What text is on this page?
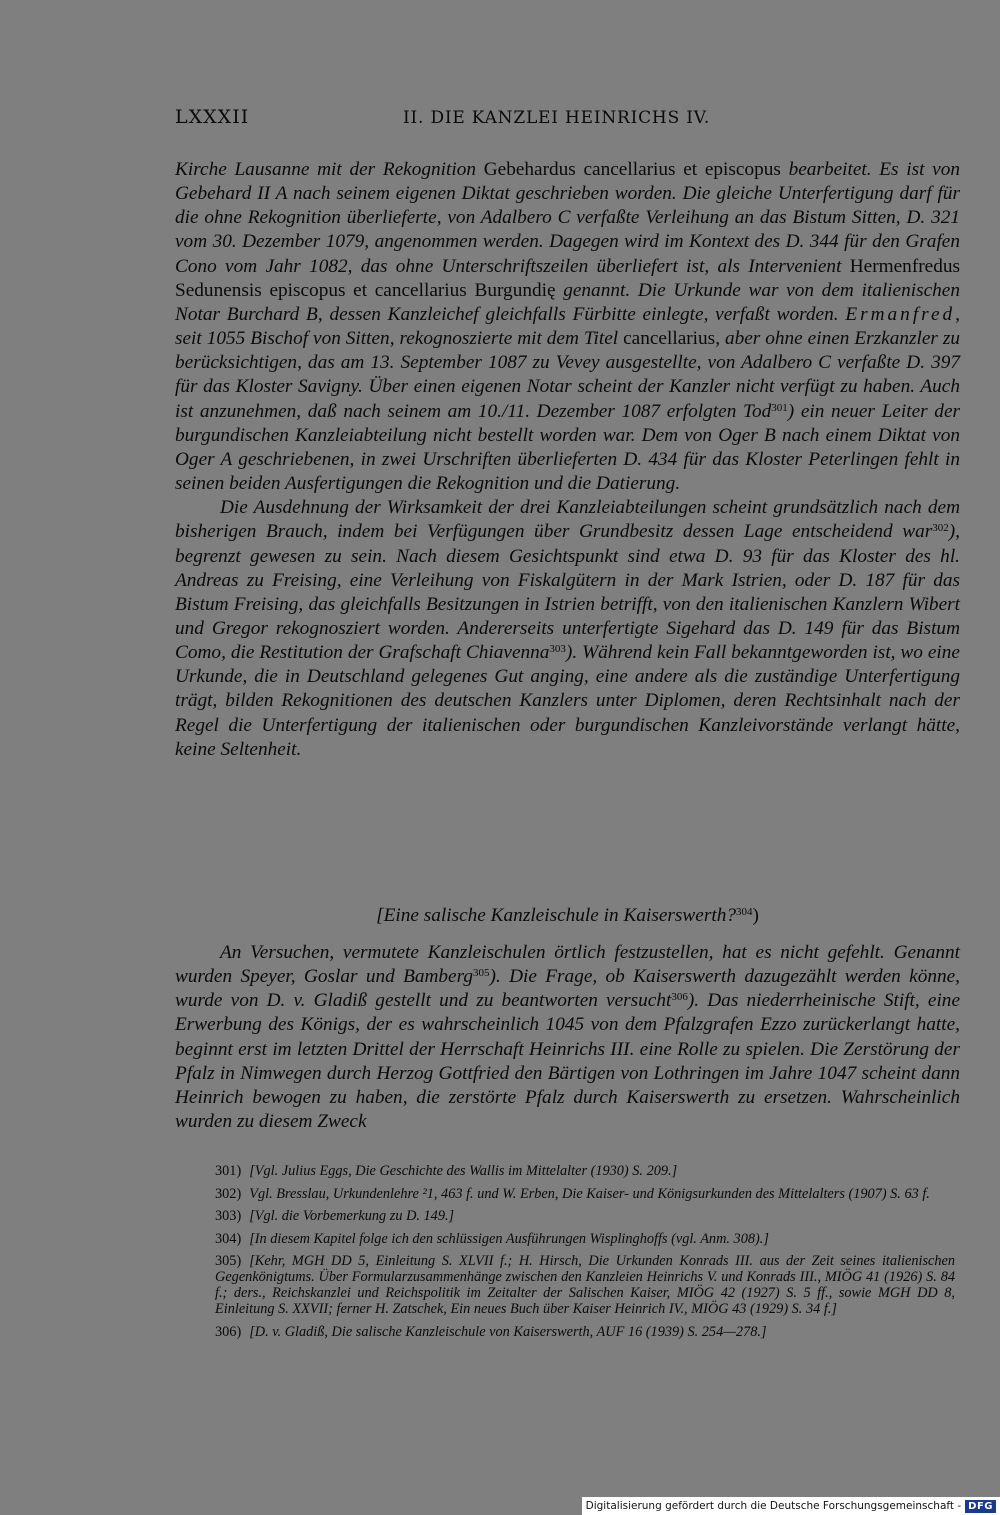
LXXXII	II. DIE KANZLEI HEINRICHS IV.

Kirche Lausanne mit der Rekognition Gebehardus cancellarius et episcopus bearbeitet. Es ist von Gebehard II A nach seinem eigenen Diktat geschrieben worden. Die gleiche Unterfertigung darf für die ohne Rekognition überlieferte, von Adalbero C verfaßte Verleihung an das Bistum Sitten, D. 321 vom 30. Dezember 1079, angenommen werden. Dagegen wird im Kontext des D. 344 für den Grafen Cono vom Jahr 1082, das ohne Unterschriftszeilen überliefert ist, als Intervenient Hermenfredus Sedunensis episcopus et cancellarius Burgundię genannt. Die Urkunde war von dem italienischen Notar Burchard B, dessen Kanzleichef gleichfalls Fürbitte einlegte, verfaßt worden. Ermanfred, seit 1055 Bischof von Sitten, rekognoszierte mit dem Titel cancellarius, aber ohne einen Erzkanzler zu berücksichtigen, das am 13. September 1087 zu Vevey ausgestellte, von Adalbero C verfaßte D. 397 für das Kloster Savigny. Über einen eigenen Notar scheint der Kanzler nicht verfügt zu haben. Auch ist anzunehmen, daß nach seinem am 10./11. Dezember 1087 erfolgten Tod$^{301}$) ein neuer Leiter der burgundischen Kanzleiabteilung nicht bestellt worden war. Dem von Oger B nach einem Diktat von Oger A geschriebenen, in zwei Urschriften überlieferten D. 434 für das Kloster Peterlingen fehlt in seinen beiden Ausfertigungen die Rekognition und die Datierung.

Die Ausdehnung der Wirksamkeit der drei Kanzleiabteilungen scheint grundsätzlich nach dem bisherigen Brauch, indem bei Verfügungen über Grundbesitz dessen Lage entscheidend war$^{302}$), begrenzt gewesen zu sein. Nach diesem Gesichtspunkt sind etwa D. 93 für das Kloster des hl. Andreas zu Freising, eine Verleihung von Fiskalgütern in der Mark Istrien, oder D. 187 für das Bistum Freising, das gleichfalls Besitzungen in Istrien betrifft, von den italienischen Kanzlern Wibert und Gregor rekognosziert worden. Andererseits unterfertigte Sigehard das D. 149 für das Bistum Como, die Restitution der Grafschaft Chiavenna$^{303}$). Während kein Fall bekanntgeworden ist, wo eine Urkunde, die in Deutschland gelegenes Gut anging, eine andere als die zuständige Unterfertigung trägt, bilden Rekognitionen des deutschen Kanzlers unter Diplomen, deren Rechtsinhalt nach der Regel die Unterfertigung der italienischen oder burgundischen Kanzleivorstände verlangt hätte, keine Seltenheit.

[Eine salische Kanzleischule in Kaiserswerth?$^{304}$)

An Versuchen, vermutete Kanzleischulen örtlich festzustellen, hat es nicht gefehlt. Genannt wurden Speyer, Goslar und Bamberg$^{305}$). Die Frage, ob Kaiserswerth dazugezählt werden könne, wurde von D. v. Gladiß gestellt und zu beantworten versucht$^{306}$). Das niederrheinische Stift, eine Erwerbung des Königs, der es wahrscheinlich 1045 von dem Pfalzgrafen Ezzo zurückerlangt hatte, beginnt erst im letzten Drittel der Herrschaft Heinrichs III. eine Rolle zu spielen. Die Zerstörung der Pfalz in Nimwegen durch Herzog Gottfried den Bärtigen von Lothringen im Jahre 1047 scheint dann Heinrich bewogen zu haben, die zerstörte Pfalz durch Kaiserswerth zu ersetzen. Wahrscheinlich wurden zu diesem Zweck

301) [Vgl. Julius Eggs, Die Geschichte des Wallis im Mittelalter (1930) S. 209.]
302) Vgl. Bresslau, Urkundenlehre ²1, 463 f. und W. Erben, Die Kaiser- und Königsurkunden des Mittelalters (1907) S. 63 f.
303) [Vgl. die Vorbemerkung zu D. 149.]
304) [In diesem Kapitel folge ich den schlüssigen Ausführungen Wisplinghoffs (vgl. Anm. 308).]
305) [Kehr, MGH DD 5, Einleitung S. XLVII f.; H. Hirsch, Die Urkunden Konrads III. aus der Zeit seines italienischen Gegenkönigtums. Über Formularzusammenhänge zwischen den Kanzleien Heinrichs V. und Konrads III., MIÖG 41 (1926) S. 84 f.; ders., Reichskanzlei und Reichspolitik im Zeitalter der Salischen Kaiser, MIÖG 42 (1927) S. 5 ff., sowie MGH DD 8, Einleitung S. XXVII; ferner H. Zatschek, Ein neues Buch über Kaiser Heinrich IV., MIÖG 43 (1929) S. 34 f.]
306) [D. v. Gladiß, Die salische Kanzleischule von Kaiserswerth, AUF 16 (1939) S. 254—278.]
Digitalisierung gefördert durch die Deutsche Forschungsgemeinschaft - DFG
